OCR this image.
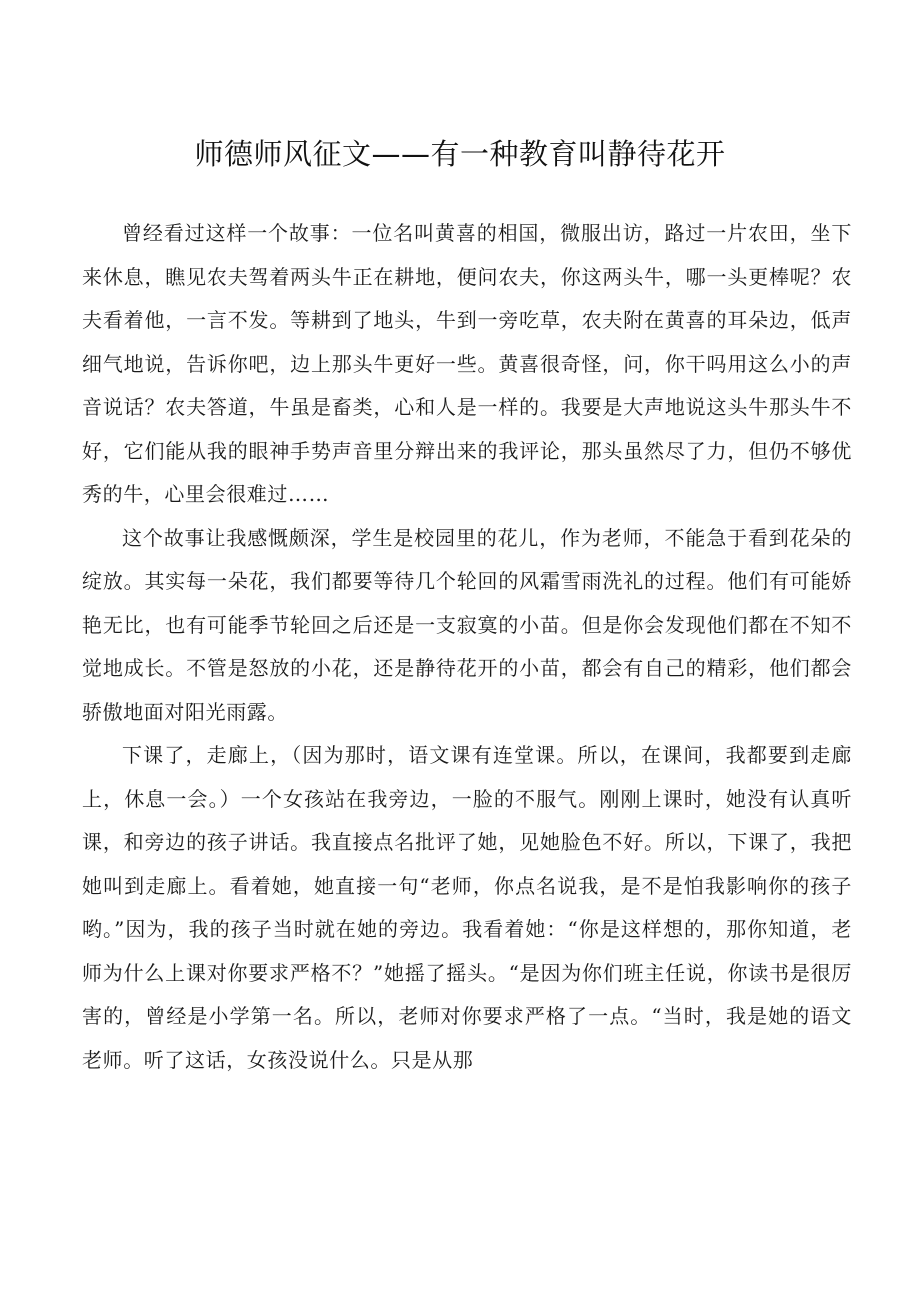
师德师风征文——有一种教育叫静待花开

曾经看过这样一个故事：一位名叫黄喜的相国，微服出访，路过一片农田，坐下来休息，瞧见农夫驾着两头牛正在耕地，便问农夫，你这两头牛，哪一头更棒呢？农夫看着他，一言不发。等耕到了地头，牛到一旁吃草，农夫附在黄喜的耳朵边，低声细气地说，告诉你吧，边上那头牛更好一些。黄喜很奇怪，问，你干吗用这么小的声音说话？农夫答道，牛虽是畜类，心和人是一样的。我要是大声地说这头牛那头牛不好，它们能从我的眼神手势声音里分辩出来的我评论，那头虽然尽了力，但仍不够优秀的牛，心里会很难过……

这个故事让我感慨颇深，学生是校园里的花儿，作为老师，不能急于看到花朵的绽放。其实每一朵花，我们都要等待几个轮回的风霜雪雨洗礼的过程。他们有可能娇艳无比，也有可能季节轮回之后还是一支寂寞的小苗。但是你会发现他们都在不知不觉地成长。不管是怒放的小花，还是静待花开的小苗，都会有自己的精彩，他们都会骄傲地面对阳光雨露。

下课了，走廊上，（因为那时，语文课有连堂课。所以，在课间，我都要到走廊上，休息一会。）一个女孩站在我旁边，一脸的不服气。刚刚上课时，她没有认真听课，和旁边的孩子讲话。我直接点名批评了她，见她脸色不好。所以，下课了，我把她叫到走廊上。看着她，她直接一句“老师，你点名说我，是不是怕我影响你的孩子哟。”因为，我的孩子当时就在她的旁边。我看着她：“你是这样想的，那你知道，老师为什么上课对你要求严格不？”她摇了摇头。“是因为你们班主任说，你读书是很厉害的，曾经是小学第一名。所以，老师对你要求严格了一点。“当时，我是她的语文老师。听了这话，女孩没说什么。只是从那
